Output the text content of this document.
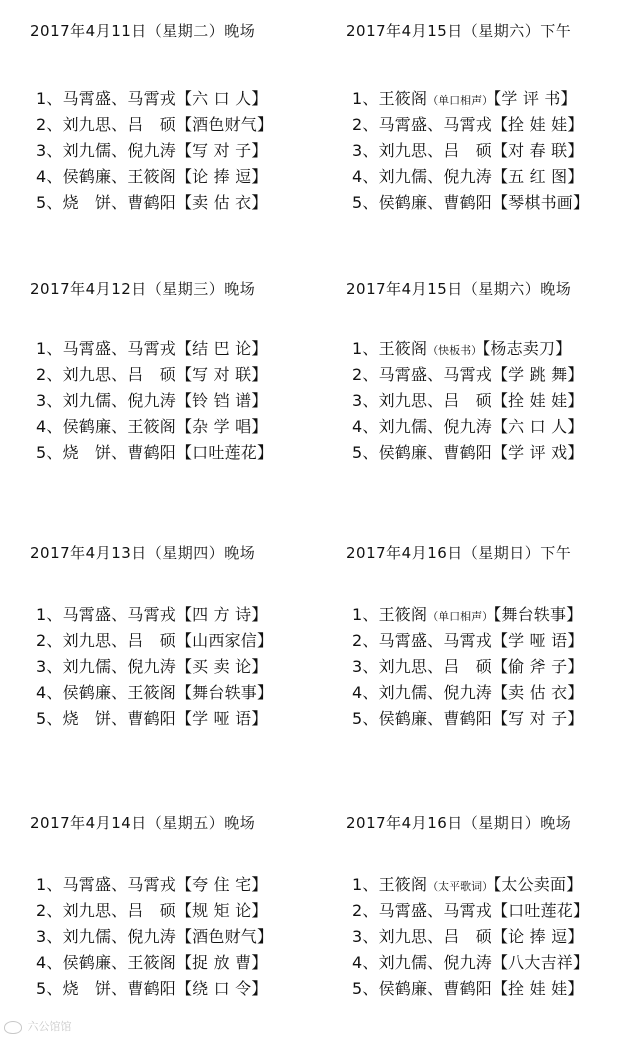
2017年4月11日（星期二）晚场
1、马霄盛、马霄戎【六 口 人】
2、刘九思、吕　硕【酒色财气】
3、刘九儒、倪九涛【写 对 子】
4、侯鹤廉、王筱阁【论 捧 逗】
5、烧　饼、曹鹤阳【卖 估 衣】
2017年4月15日（星期六）下午
1、王筱阁（单口相声）【学 评 书】
2、马霄盛、马霄戎【拴 娃 娃】
3、刘九思、吕　硕【对 春 联】
4、刘九儒、倪九涛【五 红 图】
5、侯鹤廉、曹鹤阳【琴棋书画】
2017年4月12日（星期三）晚场
1、马霄盛、马霄戎【结 巴 论】
2、刘九思、吕　硕【写 对 联】
3、刘九儒、倪九涛【铃 铛 谱】
4、侯鹤廉、王筱阁【杂 学 唱】
5、烧　饼、曹鹤阳【口吐莲花】
2017年4月15日（星期六）晚场
1、王筱阁（快板书）【杨志卖刀】
2、马霄盛、马霄戎【学 跳 舞】
3、刘九思、吕　硕【拴 娃 娃】
4、刘九儒、倪九涛【六 口 人】
5、侯鹤廉、曹鹤阳【学 评 戏】
2017年4月13日（星期四）晚场
1、马霄盛、马霄戎【四 方 诗】
2、刘九思、吕　硕【山西家信】
3、刘九儒、倪九涛【买 卖 论】
4、侯鹤廉、王筱阁【舞台轶事】
5、烧　饼、曹鹤阳【学 哑 语】
2017年4月16日（星期日）下午
1、王筱阁（单口相声）【舞台轶事】
2、马霄盛、马霄戎【学 哑 语】
3、刘九思、吕　硕【偷 斧 子】
4、刘九儒、倪九涛【卖 估 衣】
5、侯鹤廉、曹鹤阳【写 对 子】
2017年4月14日（星期五）晚场
1、马霄盛、马霄戎【夸 住 宅】
2、刘九思、吕　硕【规 矩 论】
3、刘九儒、倪九涛【酒色财气】
4、侯鹤廉、王筱阁【捉 放 曹】
5、烧　饼、曹鹤阳【绕 口 令】
2017年4月16日（星期日）晚场
1、王筱阁（太平歌词）【太公卖面】
2、马霄盛、马霄戎【口吐莲花】
3、刘九思、吕　硕【论 捧 逗】
4、刘九儒、倪九涛【八大吉祥】
5、侯鹤廉、曹鹤阳【拴 娃 娃】
六公馆馆
